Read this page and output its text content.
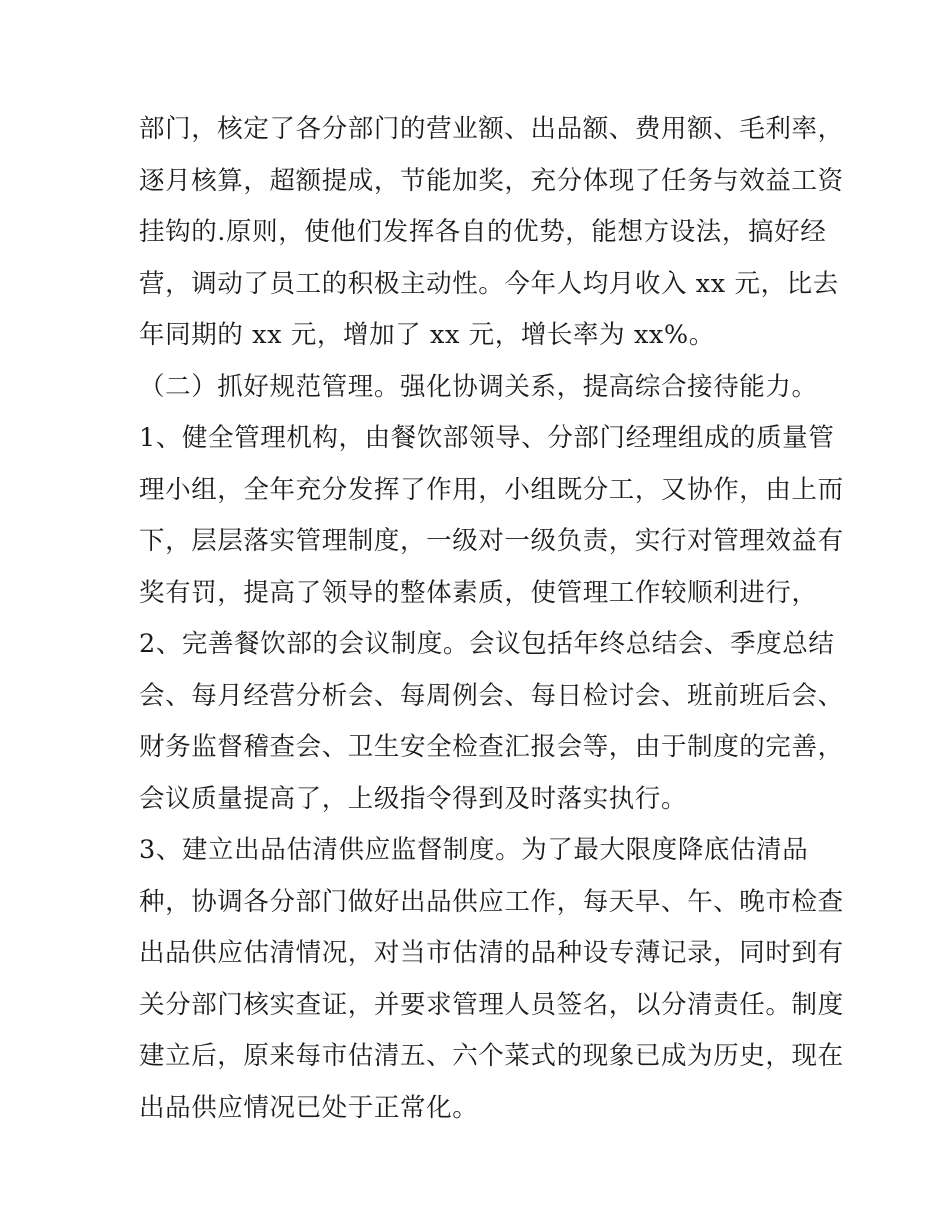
部门，核定了各分部门的营业额、出品额、费用额、毛利率，
逐月核算，超额提成，节能加奖，充分体现了任务与效益工资
挂钩的.原则，使他们发挥各自的优势，能想方设法，搞好经
营，调动了员工的积极主动性。今年人均月收入 xx 元，比去
年同期的 xx 元，增加了 xx 元，增长率为 xx%。
（二）抓好规范管理。强化协调关系，提高综合接待能力。
1、健全管理机构，由餐饮部领导、分部门经理组成的质量管
理小组，全年充分发挥了作用，小组既分工，又协作，由上而
下，层层落实管理制度，一级对一级负责，实行对管理效益有
奖有罚，提高了领导的整体素质，使管理工作较顺利进行，
2、完善餐饮部的会议制度。会议包括年终总结会、季度总结
会、每月经营分析会、每周例会、每日检讨会、班前班后会、
财务监督稽查会、卫生安全检查汇报会等，由于制度的完善，
会议质量提高了，上级指令得到及时落实执行。
3、建立出品估清供应监督制度。为了最大限度降底估清品
种，协调各分部门做好出品供应工作，每天早、午、晚市检查
出品供应估清情况，对当市估清的品种设专薄记录，同时到有
关分部门核实查证，并要求管理人员签名，以分清责任。制度
建立后，原来每市估清五、六个菜式的现象已成为历史，现在
出品供应情况已处于正常化。
